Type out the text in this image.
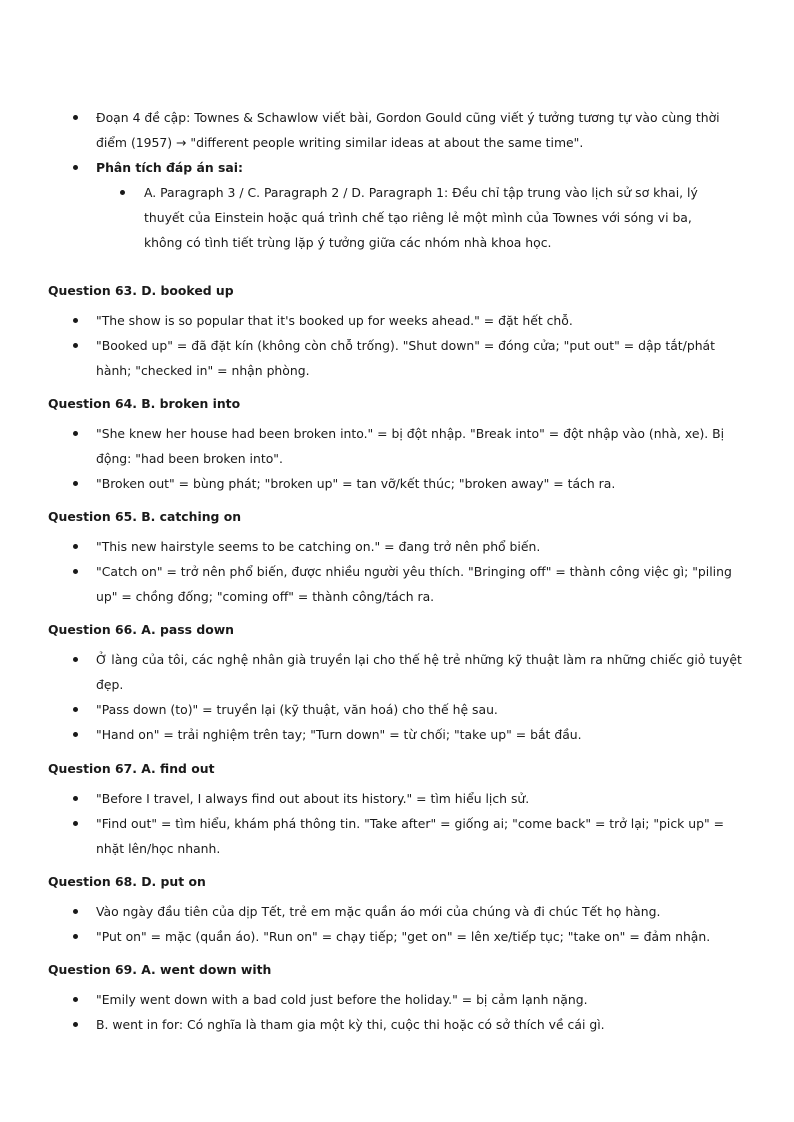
Đoạn 4 đề cập: Townes & Schawlow viết bài, Gordon Gould cũng viết ý tưởng tương tự vào cùng thời điểm (1957) → "different people writing similar ideas at about the same time".
Phân tích đáp án sai:
A. Paragraph 3 / C. Paragraph 2 / D. Paragraph 1: Đều chỉ tập trung vào lịch sử sơ khai, lý thuyết của Einstein hoặc quá trình chế tạo riêng lẻ một mình của Townes với sóng vi ba, không có tình tiết trùng lặp ý tưởng giữa các nhóm nhà khoa học.
Question 63. D. booked up
"The show is so popular that it's booked up for weeks ahead." = đặt hết chỗ.
"Booked up" = đã đặt kín (không còn chỗ trống). "Shut down" = đóng cửa; "put out" = dập tắt/phát hành; "checked in" = nhận phòng.
Question 64. B. broken into
"She knew her house had been broken into." = bị đột nhập. "Break into" = đột nhập vào (nhà, xe). Bị động: "had been broken into".
"Broken out" = bùng phát; "broken up" = tan vỡ/kết thúc; "broken away" = tách ra.
Question 65. B. catching on
"This new hairstyle seems to be catching on." = đang trở nên phổ biến.
"Catch on" = trở nên phổ biến, được nhiều người yêu thích. "Bringing off" = thành công việc gì; "piling up" = chồng đống; "coming off" = thành công/tách ra.
Question 66. A. pass down
Ở làng của tôi, các nghệ nhân già truyền lại cho thế hệ trẻ những kỹ thuật làm ra những chiếc giỏ tuyệt đẹp.
"Pass down (to)" = truyền lại (kỹ thuật, văn hoá) cho thế hệ sau.
"Hand on" = trải nghiệm trên tay; "Turn down" = từ chối; "take up" = bắt đầu.
Question 67. A. find out
"Before I travel, I always find out about its history." = tìm hiểu lịch sử.
"Find out" = tìm hiểu, khám phá thông tin. "Take after" = giống ai; "come back" = trở lại; "pick up" = nhặt lên/học nhanh.
Question 68. D. put on
Vào ngày đầu tiên của dịp Tết, trẻ em mặc quần áo mới của chúng và đi chúc Tết họ hàng.
"Put on" = mặc (quần áo). "Run on" = chạy tiếp; "get on" = lên xe/tiếp tục; "take on" = đảm nhận.
Question 69. A. went down with
"Emily went down with a bad cold just before the holiday." = bị cảm lạnh nặng.
B. went in for: Có nghĩa là tham gia một kỳ thi, cuộc thi hoặc có sở thích về cái gì.
